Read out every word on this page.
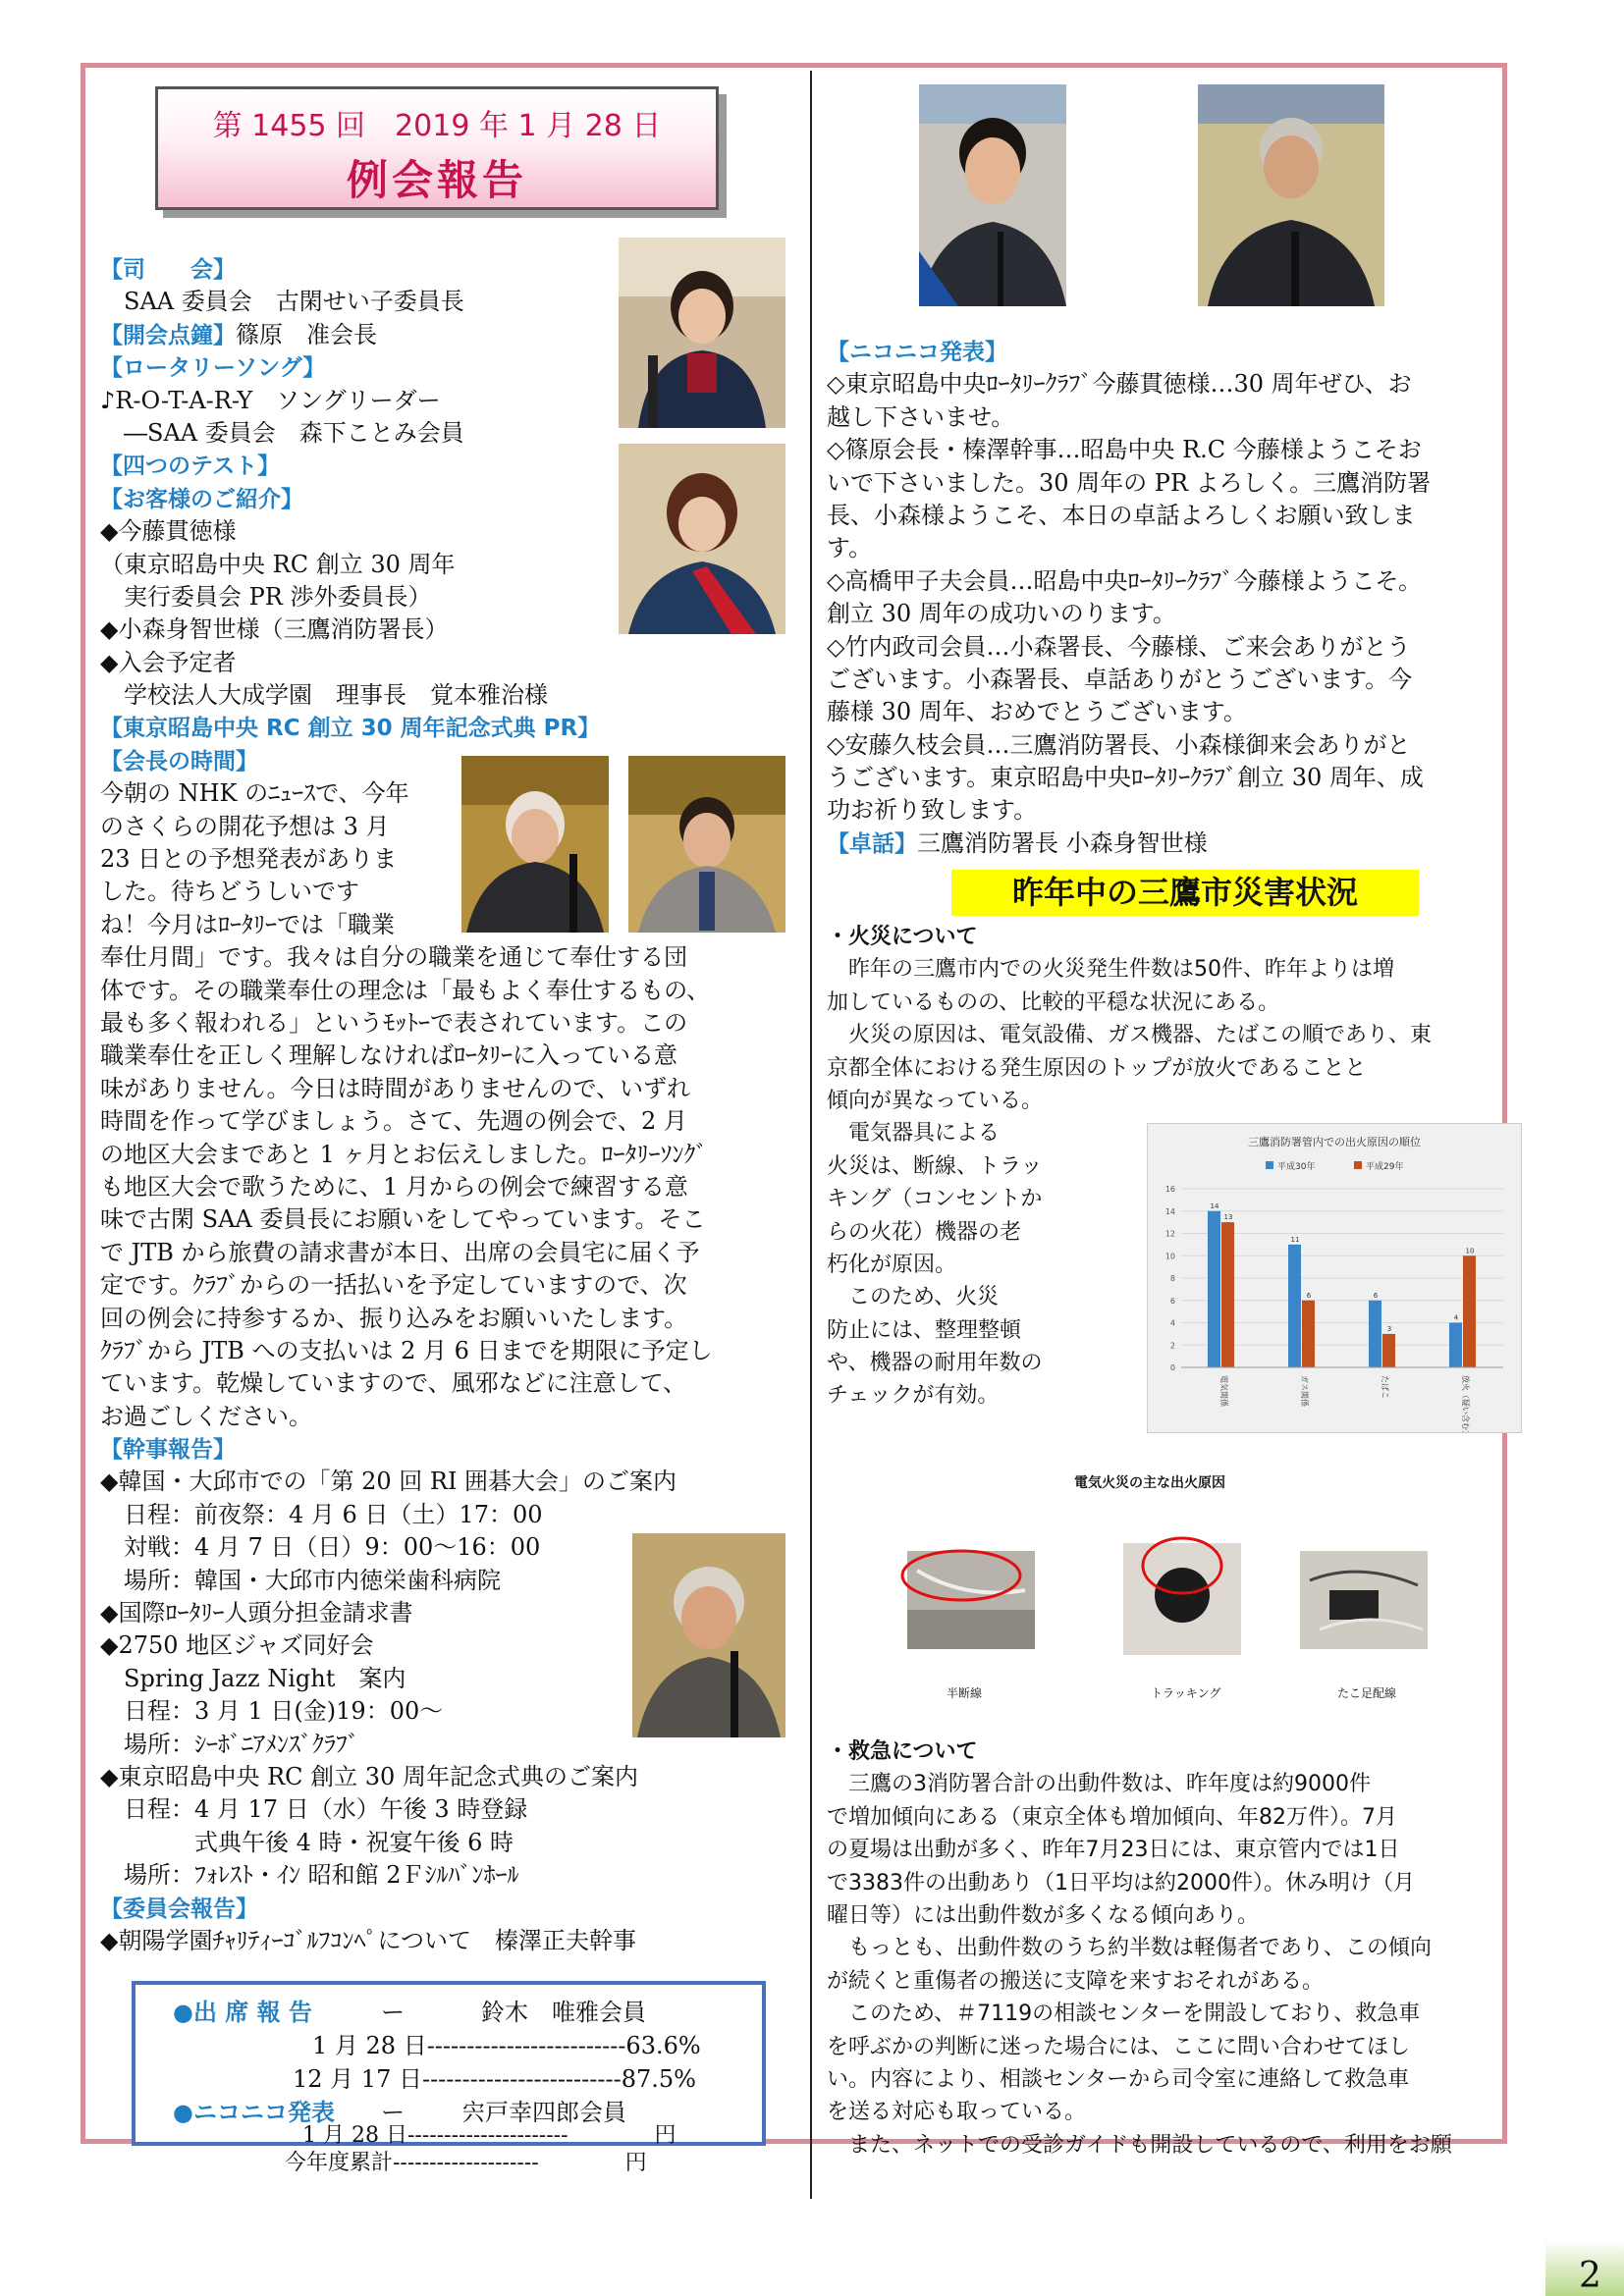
第 1455 回　2019 年 1 月 28 日
例会報告
【司　　会】
　SAA 委員会　古閑せい子委員長
【開会点鐘】篠原　准会長
【ロータリーソング】
♪R-O-T-A-R-Y　ソングリーダー
　―SAA 委員会　森下ことみ会員
【四つのテスト】
【お客様のご紹介】
◆今藤貫徳様
（東京昭島中央 RC 創立 30 周年
　実行委員会 PR 渉外委員長）
◆小森身智世様（三鷹消防署長）
◆入会予定者
　学校法人大成学園　理事長　覚本雅治様
【東京昭島中央 RC 創立 30 周年記念式典 PR】
【会長の時間】
今朝の NHK のﾆｭｰｽで、今年
のさくらの開花予想は 3 月
23 日との予想発表がありま
した。待ちどうしいです
ね！今月はﾛｰﾀﾘｰでは「職業
奉仕月間」です。我々は自分の職業を通じて奉仕する団
体です。その職業奉仕の理念は「最もよく奉仕するもの、
最も多く報われる」というﾓｯﾄｰで表されています。この
職業奉仕を正しく理解しなければﾛｰﾀﾘｰに入っている意
味がありません。今日は時間がありませんので、いずれ
時間を作って学びましょう。さて、先週の例会で、2 月
の地区大会まであと 1 ヶ月とお伝えしました。ﾛｰﾀﾘｰｿﾝｸﾞ
も地区大会で歌うために、1 月からの例会で練習する意
味で古閑 SAA 委員長にお願いをしてやっています。そこ
で JTB から旅費の請求書が本日、出席の会員宅に届く予
定です。ｸﾗﾌﾞからの一括払いを予定していますので、次
回の例会に持参するか、振り込みをお願いいたします。
ｸﾗﾌﾞから JTB への支払いは 2 月 6 日までを期限に予定し
ています。乾燥していますので、風邪などに注意して、
お過ごしください。
【幹事報告】
◆韓国・大邱市での「第 20 回 RI 囲碁大会」のご案内
　日程：前夜祭：4 月 6 日（土）17：00
　対戦：4 月 7 日（日）9：00～16：00
　場所：韓国・大邱市内徳栄歯科病院
◆国際ﾛｰﾀﾘｰ人頭分担金請求書
◆2750 地区ジャズ同好会
　Spring Jazz Night　案内
　日程：3 月 1 日(金)19：00～
　場所：ｼｰﾎﾞﾆｱﾒﾝｽﾞｸﾗﾌﾞ
◆東京昭島中央 RC 創立 30 周年記念式典のご案内
　日程：4 月 17 日（水）午後 3 時登録
　　　　式典午後 4 時・祝宴午後 6 時
　場所：ﾌｫﾚｽﾄ・ｲﾝ 昭和館 2Ｆｼﾙﾊﾞﾝﾎｰﾙ
【委員会報告】
◆朝陽学園ﾁｬﾘﾃｨｰｺﾞﾙﾌｺﾝﾍﾟについて　榛澤正夫幹事
●出 席 報 告	ー	鈴木　唯雅会員
1 月 28 日-------------------------63.6%
12 月 17 日-------------------------87.5%
●ニコニコ発表 ー 宍戸幸四郎会員
1 月 28 日----------------------　　　　円
今年度累計--------------------　　　　円
【ニコニコ発表】
◇東京昭島中央ﾛｰﾀﾘｰｸﾗﾌﾞ今藤貫徳様…30 周年ぜひ、お
越し下さいませ。
◇篠原会長・榛澤幹事…昭島中央 R.C 今藤様ようこそお
いで下さいました。30 周年の PR よろしく。三鷹消防署
長、小森様ようこそ、本日の卓話よろしくお願い致しま
す。
◇高橋甲子夫会員…昭島中央ﾛｰﾀﾘｰｸﾗﾌﾞ今藤様ようこそ。
創立 30 周年の成功いのります。
◇竹内政司会員…小森署長、今藤様、ご来会ありがとう
ございます。小森署長、卓話ありがとうございます。今
藤様 30 周年、おめでとうございます。
◇安藤久枝会員…三鷹消防署長、小森様御来会ありがと
うございます。東京昭島中央ﾛｰﾀﾘｰｸﾗﾌﾞ創立 30 周年、成
功お祈り致します。
【卓話】三鷹消防署長 小森身智世様
昨年中の三鷹市災害状況
・火災について
　昨年の三鷹市内での火災発生件数は50件、昨年よりは増
加しているものの、比較的平穏な状況にある。
　火災の原因は、電気設備、ガス機器、たばこの順であり、東
京都全体における発生原因のトップが放火であることと
傾向が異なっている。
　電気器具による
火災は、断線、トラッ
キング（コンセントか
らの火花）機器の老
朽化が原因。
　このため、火災
防止には、整理整頓
や、機器の耐用年数の
チェックが有効。
三鷹消防署管内での出火原因の順位
平成30年	平成29年
0
2
4
6
8
10
12
14
16
14
13
電気関係
11
6
ガス関係
6
3
たばこ
4
10
放火（疑い含む）
電気火災の主な出火原因
半断線	トラッキング	たこ足配線
・救急について
　三鷹の3消防署合計の出動件数は、昨年度は約9000件
で増加傾向にある（東京全体も増加傾向、年82万件）。7月
の夏場は出動が多く、昨年7月23日には、東京管内では1日
で3383件の出動あり（1日平均は約2000件）。休み明け（月
曜日等）には出動件数が多くなる傾向あり。
　もっとも、出動件数のうち約半数は軽傷者であり、この傾向
が続くと重傷者の搬送に支障を来すおそれがある。
　このため、＃7119の相談センターを開設しており、救急車
を呼ぶかの判断に迷った場合には、ここに問い合わせてほし
い。内容により、相談センターから司令室に連絡して救急車
を送る対応も取っている。
　また、ネットでの受診ガイドも開設しているので、利用をお願
2
